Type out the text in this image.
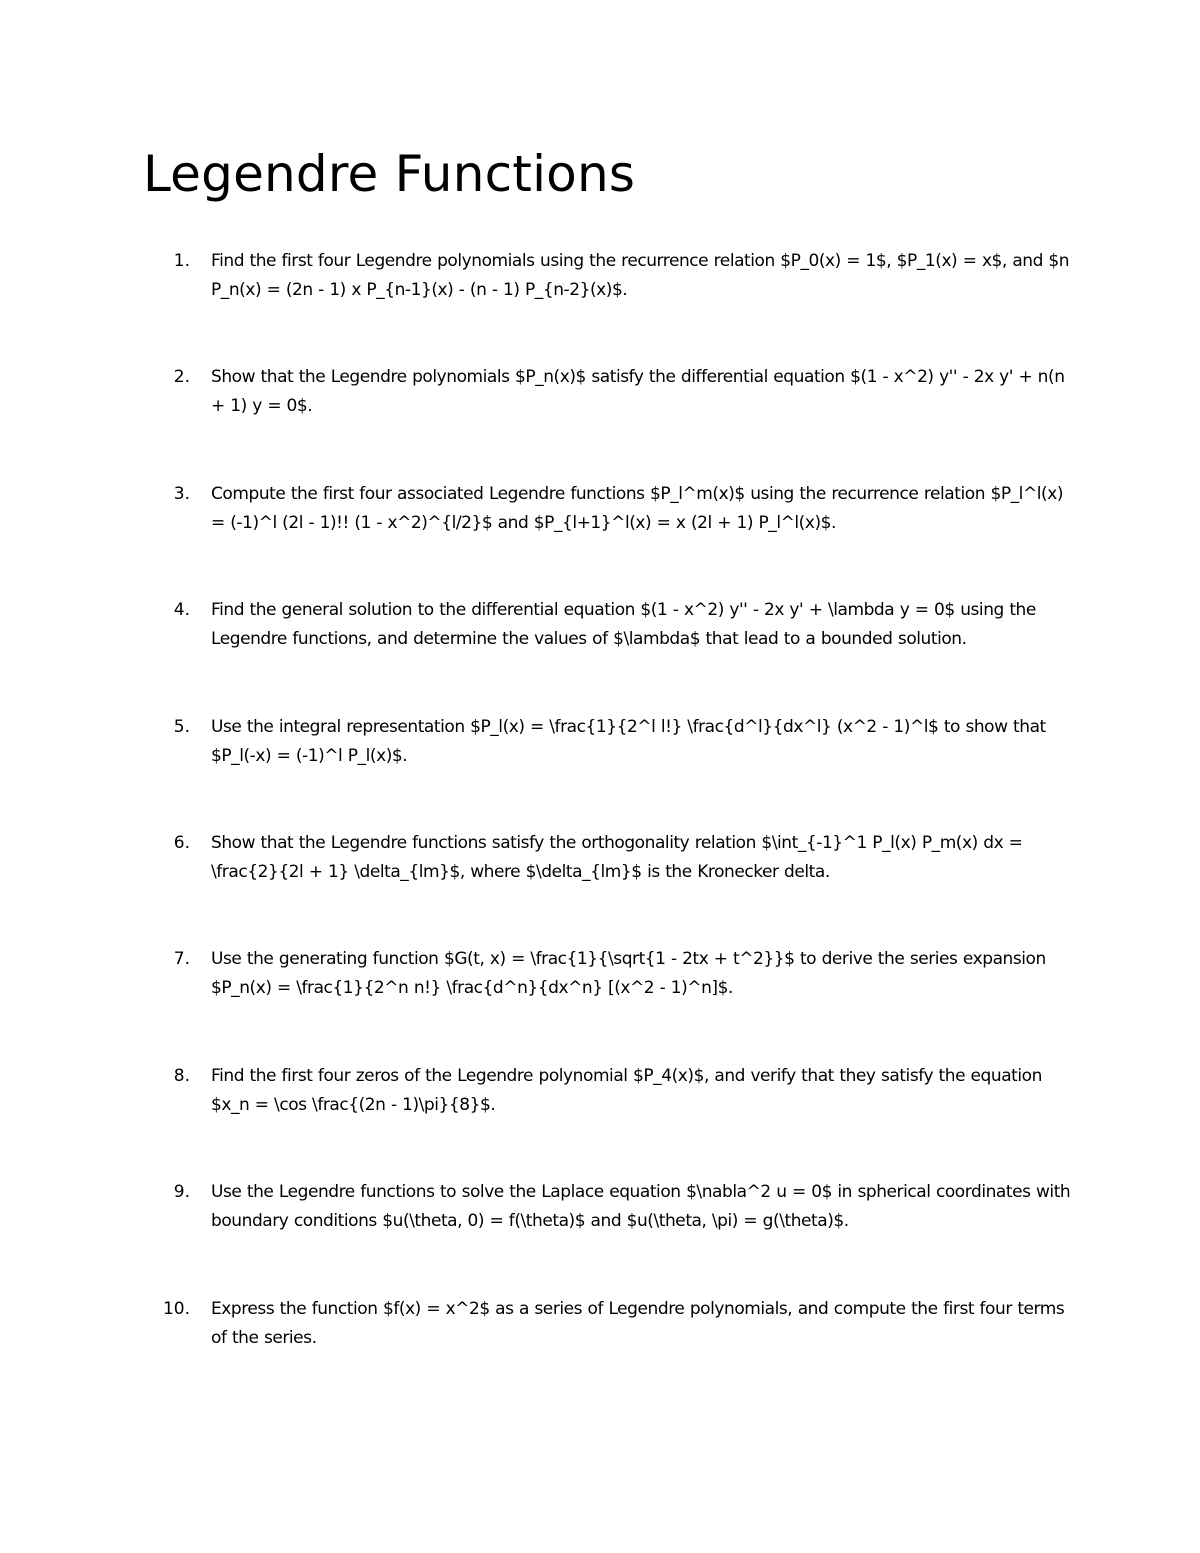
Legendre Functions
1. Find the first four Legendre polynomials using the recurrence relation $P_0(x) = 1$, $P_1(x) = x$, and $n P_n(x) = (2n - 1) x P_{n-1}(x) - (n - 1) P_{n-2}(x)$.
2. Show that the Legendre polynomials $P_n(x)$ satisfy the differential equation $(1 - x^2) y'' - 2x y' + n(n + 1) y = 0$.
3. Compute the first four associated Legendre functions $P_l^m(x)$ using the recurrence relation $P_l^l(x) = (-1)^l (2l - 1)!! (1 - x^2)^{l/2}$ and $P_{l+1}^l(x) = x (2l + 1) P_l^l(x)$.
4. Find the general solution to the differential equation $(1 - x^2) y'' - 2x y' + \lambda y = 0$ using the Legendre functions, and determine the values of $\lambda$ that lead to a bounded solution.
5. Use the integral representation $P_l(x) = \frac{1}{2^l l!} \frac{d^l}{dx^l} (x^2 - 1)^l$ to show that $P_l(-x) = (-1)^l P_l(x)$.
6. Show that the Legendre functions satisfy the orthogonality relation $\int_{-1}^1 P_l(x) P_m(x) dx = \frac{2}{2l + 1} \delta_{lm}$, where $\delta_{lm}$ is the Kronecker delta.
7. Use the generating function $G(t, x) = \frac{1}{\sqrt{1 - 2tx + t^2}}$ to derive the series expansion $P_n(x) = \frac{1}{2^n n!} \frac{d^n}{dx^n} [(x^2 - 1)^n]$.
8. Find the first four zeros of the Legendre polynomial $P_4(x)$, and verify that they satisfy the equation $x_n = \cos \frac{(2n - 1)\pi}{8}$.
9. Use the Legendre functions to solve the Laplace equation $\nabla^2 u = 0$ in spherical coordinates with boundary conditions $u(\theta, 0) = f(\theta)$ and $u(\theta, \pi) = g(\theta)$.
10. Express the function $f(x) = x^2$ as a series of Legendre polynomials, and compute the first four terms of the series.
